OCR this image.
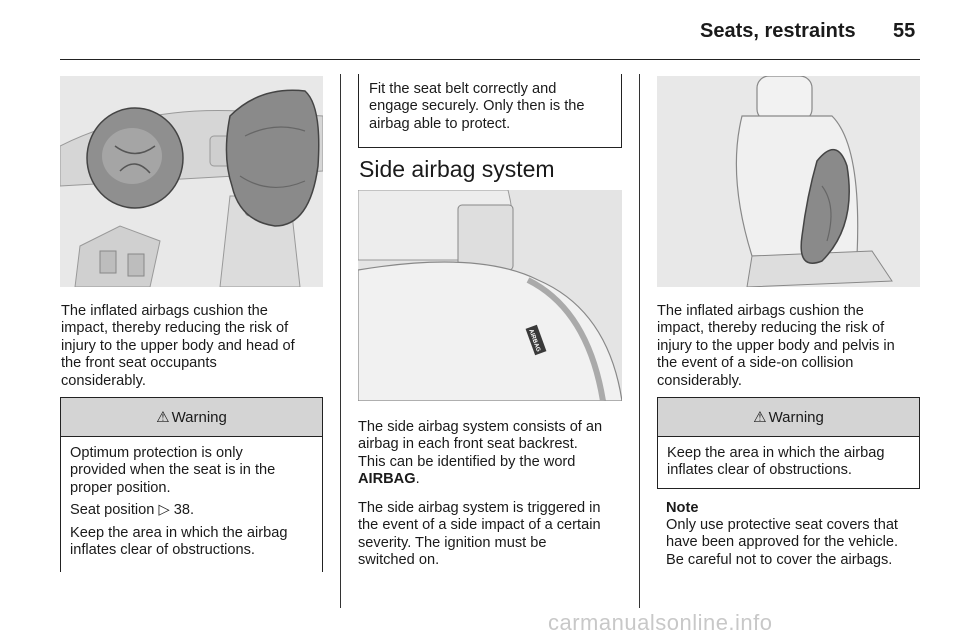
Seats, restraints 55

The inflated airbags cushion the
impact, thereby reducing the risk of
injury to the upper body and head of
the front seat occupants
considerably.

⚠ Warning

Optimum protection is only
provided when the seat is in the
proper position.

Seat position ▷ 38.

Keep the area in which the airbag
inflates clear of obstructions.

Fit the seat belt correctly and
engage securely. Only then is the
airbag able to protect.

Side airbag system
AIRBAG

The side airbag system consists of an
airbag in each front seat backrest.
This can be identified by the word
AIRBAG.

The side airbag system is triggered in
the event of a side impact of a certain
severity. The ignition must be
switched on.

The inflated airbags cushion the
impact, thereby reducing the risk of
injury to the upper body and pelvis in
the event of a side-on collision
considerably.

⚠ Warning

Keep the area in which the airbag
inflates clear of obstructions.

Note

Only use protective seat covers that
have been approved for the vehicle.
Be careful not to cover the airbags.

carmanualsonline.info
